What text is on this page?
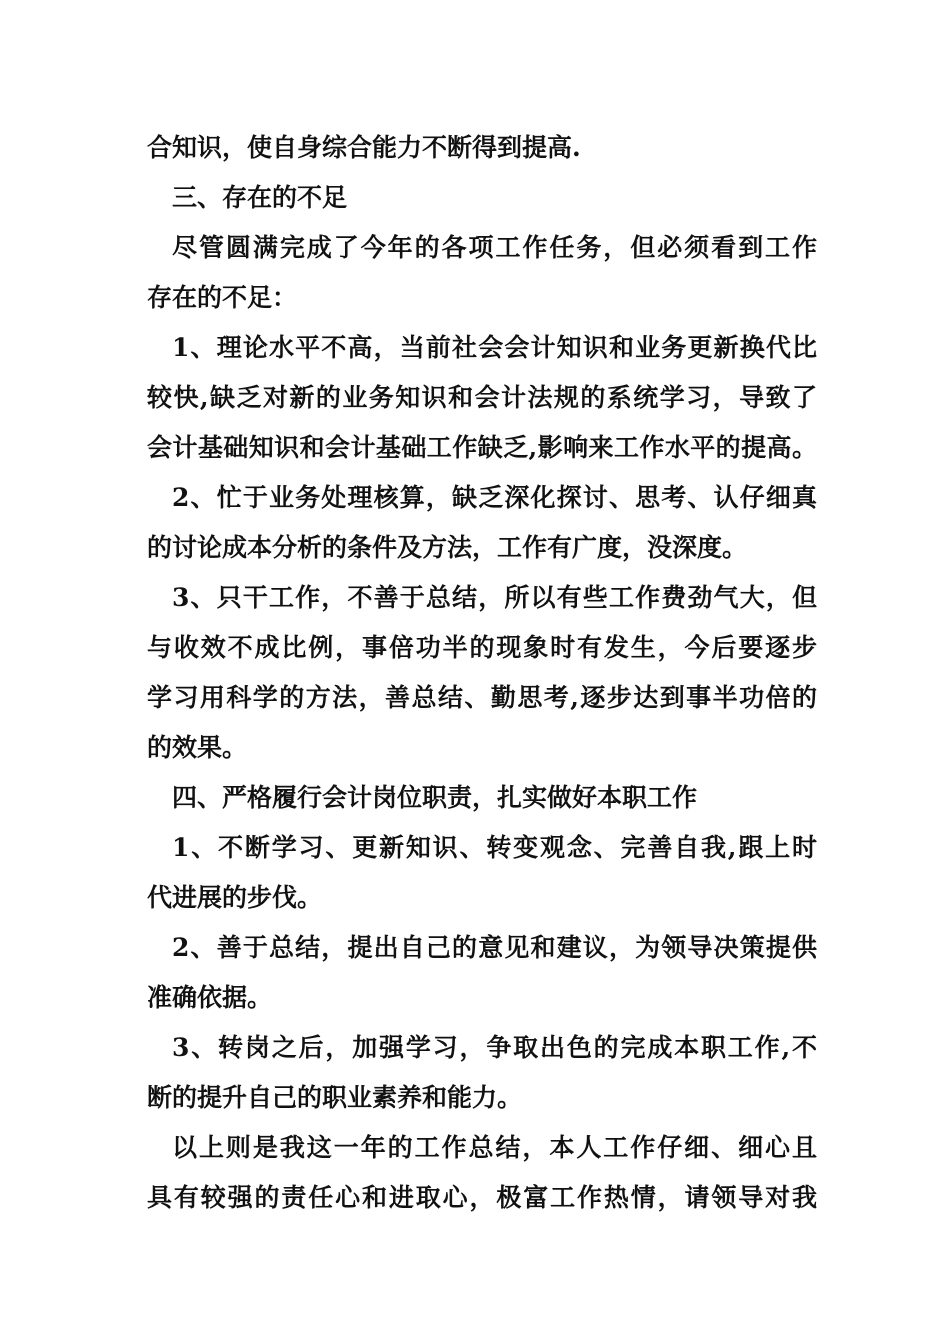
合知识，使自身综合能力不断得到提高.
三、存在的不足
尽管圆满完成了今年的各项工作任务，但必须看到工作
存在的不足：
1、理论水平不高，当前社会会计知识和业务更新换代比
较快,缺乏对新的业务知识和会计法规的系统学习，导致了
会计基础知识和会计基础工作缺乏,影响来工作水平的提高。
2、忙于业务处理核算，缺乏深化探讨、思考、认仔细真
的讨论成本分析的条件及方法，工作有广度，没深度。
3、只干工作，不善于总结，所以有些工作费劲气大，但
与收效不成比例，事倍功半的现象时有发生，今后要逐步
学习用科学的方法，善总结、勤思考,逐步达到事半功倍的
的效果。
四、严格履行会计岗位职责，扎实做好本职工作
1、不断学习、更新知识、转变观念、完善自我,跟上时
代进展的步伐。
2、善于总结，提出自己的意见和建议，为领导决策提供
准确依据。
3、转岗之后，加强学习，争取出色的完成本职工作,不
断的提升自己的职业素养和能力。
以上则是我这一年的工作总结，本人工作仔细、细心且
具有较强的责任心和进取心，极富工作热情，请领导对我
